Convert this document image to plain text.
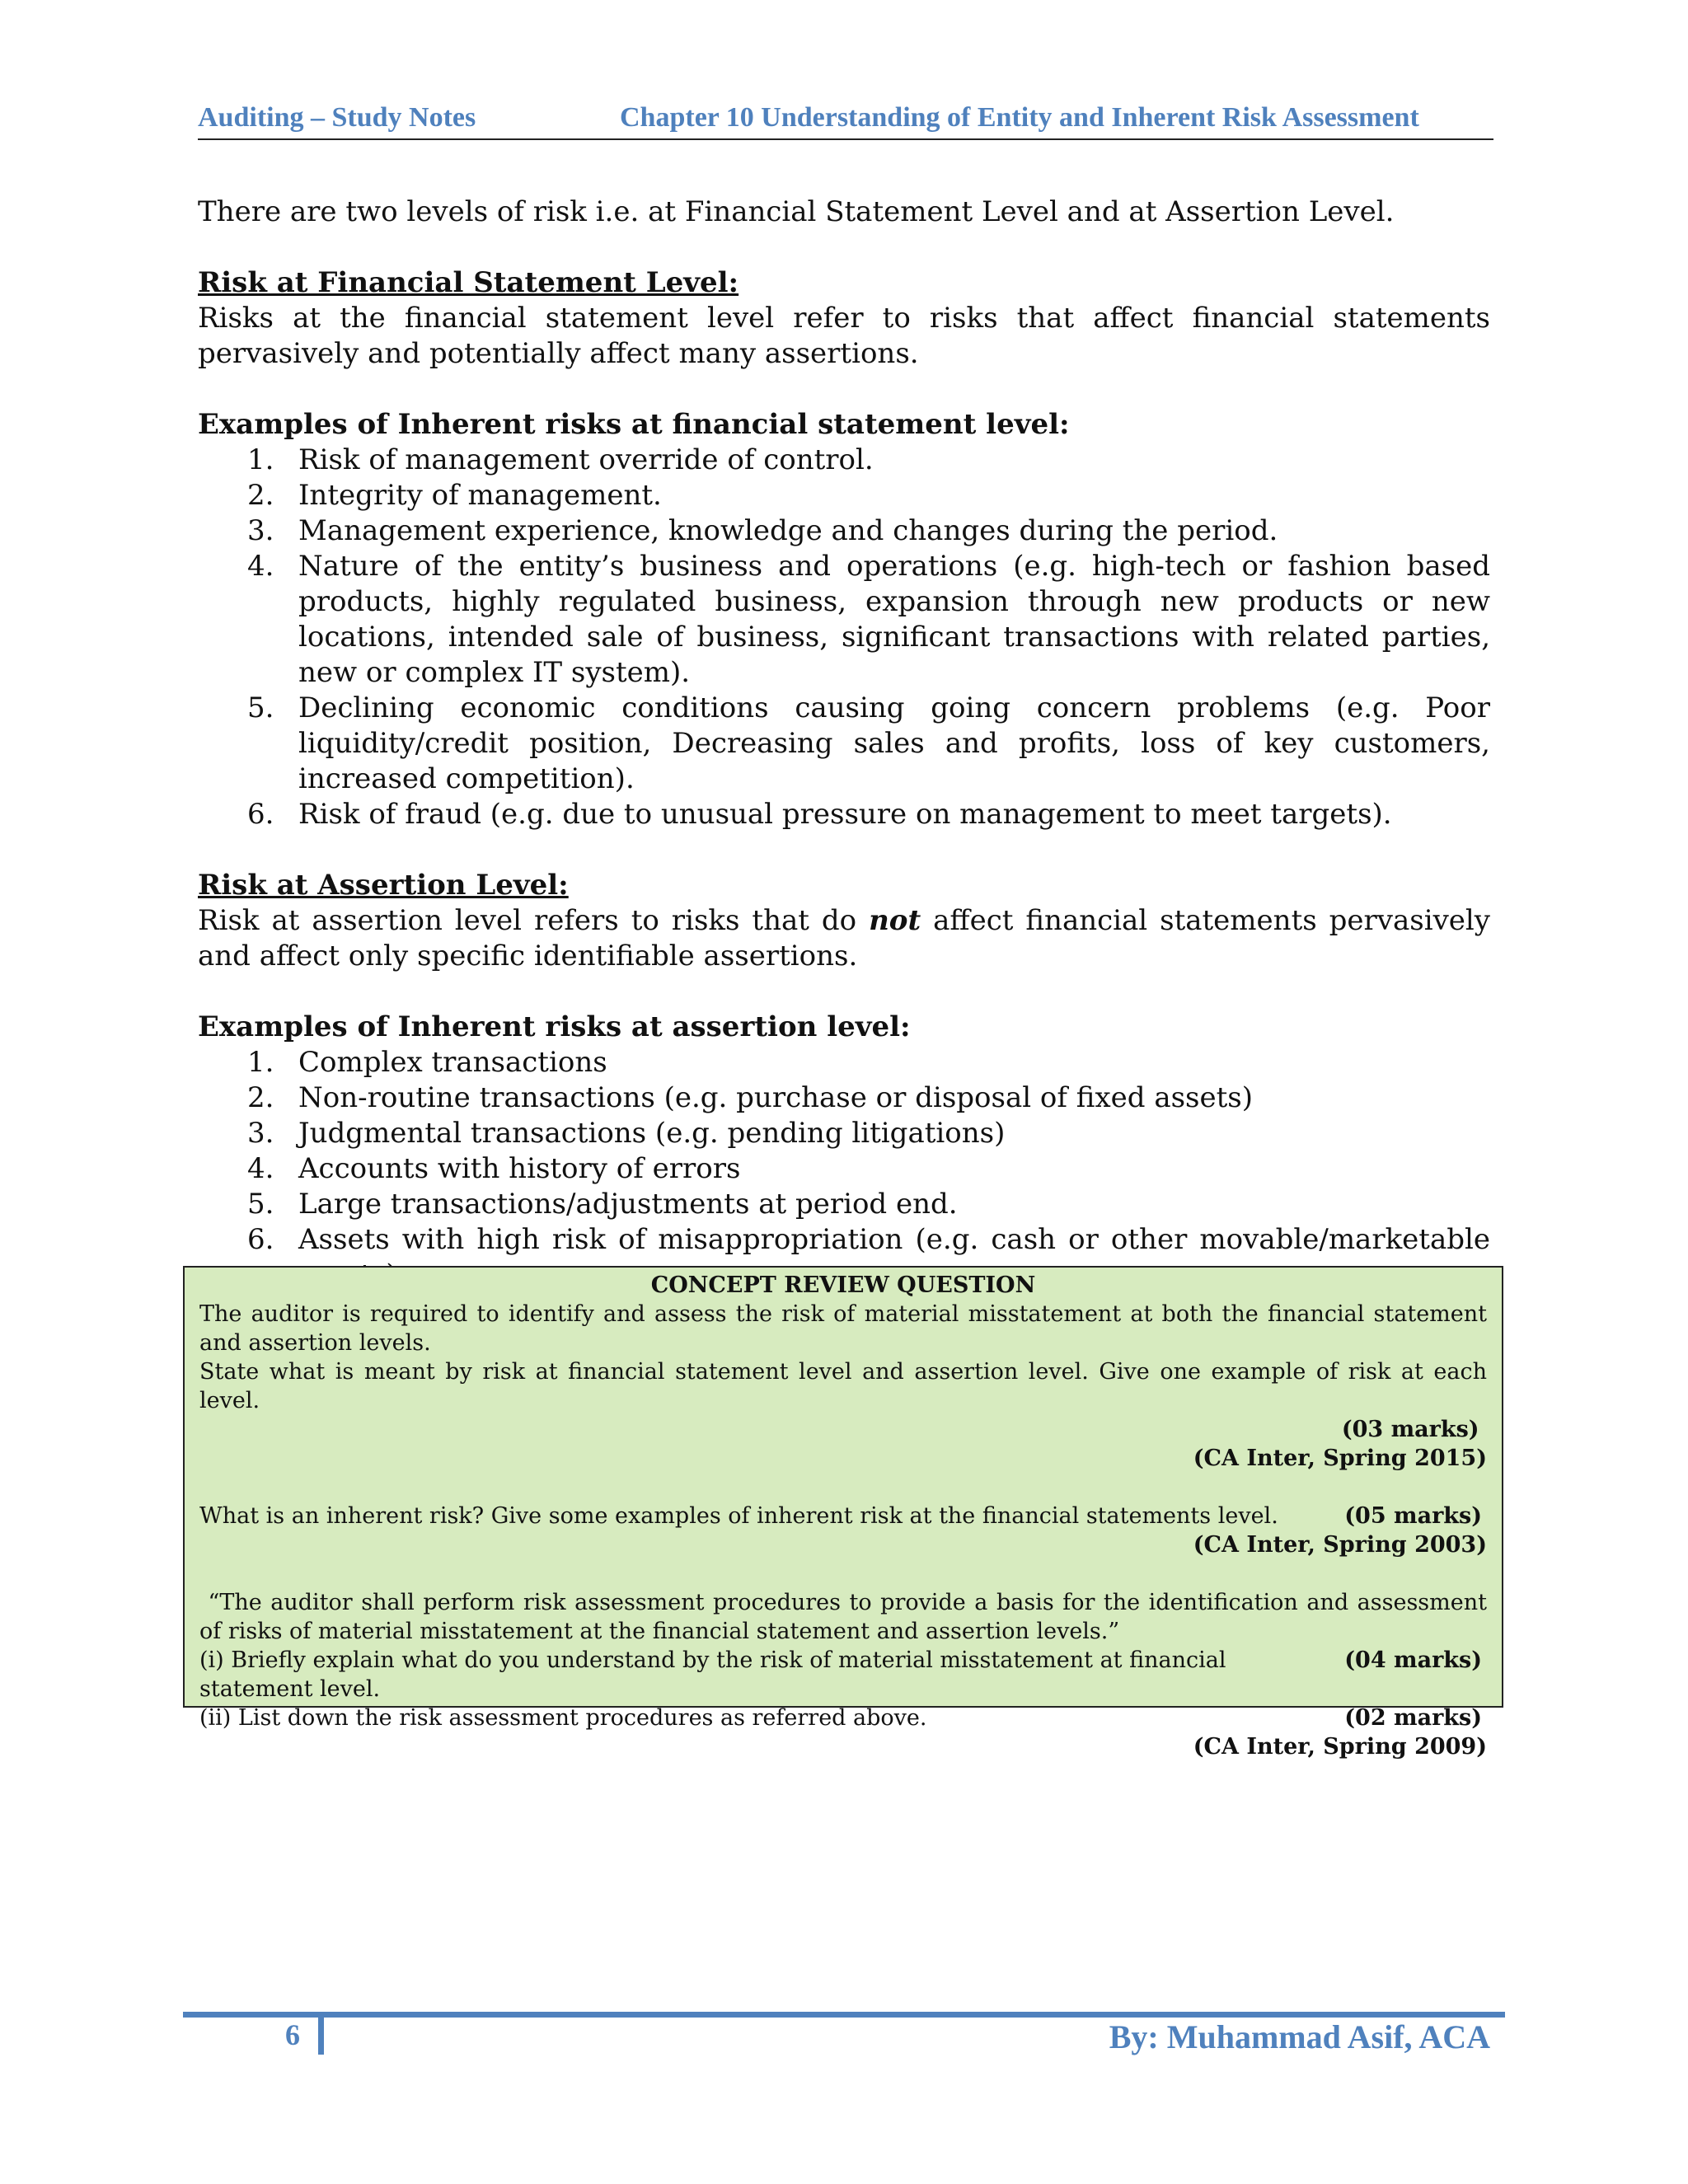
Auditing – Study Notes	Chapter 10 Understanding of Entity and Inherent Risk Assessment

There are two levels of risk i.e. at Financial Statement Level and at Assertion Level.

Risk at Financial Statement Level:

Risks at the financial statement level refer to risks that affect financial statements pervasively and potentially affect many assertions.

Examples of Inherent risks at financial statement level:
1. Risk of management override of control.
2. Integrity of management.
3. Management experience, knowledge and changes during the period.
4. Nature of the entity’s business and operations (e.g. high-tech or fashion based products, highly regulated business, expansion through new products or new locations, intended sale of business, significant transactions with related parties, new or complex IT system).
5. Declining economic conditions causing going concern problems (e.g. Poor liquidity/credit position, Decreasing sales and profits, loss of key customers, increased competition).
6. Risk of fraud (e.g. due to unusual pressure on management to meet targets).
Risk at Assertion Level:

Risk at assertion level refers to risks that do not affect financial statements pervasively and affect only specific identifiable assertions.

Examples of Inherent risks at assertion level:
1. Complex transactions
2. Non-routine transactions (e.g. purchase or disposal of fixed assets)
3. Judgmental transactions (e.g. pending litigations)
4. Accounts with history of errors
5. Large transactions/adjustments at period end.
6. Assets with high risk of misappropriation (e.g. cash or other movable/marketable
CONCEPT REVIEW QUESTION

The auditor is required to identify and assess the risk of material misstatement at both the financial statement and assertion levels.

State what is meant by risk at financial statement level and assertion level. Give one example of risk at each level.

(03 marks)
(CA Inter, Spring 2015)
What is an inherent risk? Give some examples of inherent risk at the financial statements level.	(05 marks)
(CA Inter, Spring 2003)

“The auditor shall perform risk assessment procedures to provide a basis for the identification and assessment of risks of material misstatement at the financial statement and assertion levels.”

(i) Briefly explain what do you understand by the risk of material misstatement at financial statement level.
(04 marks)
(ii) List down the risk assessment procedures as referred above.	(02 marks)
(CA Inter, Spring 2009)
6	By: Muhammad Asif, ACA
